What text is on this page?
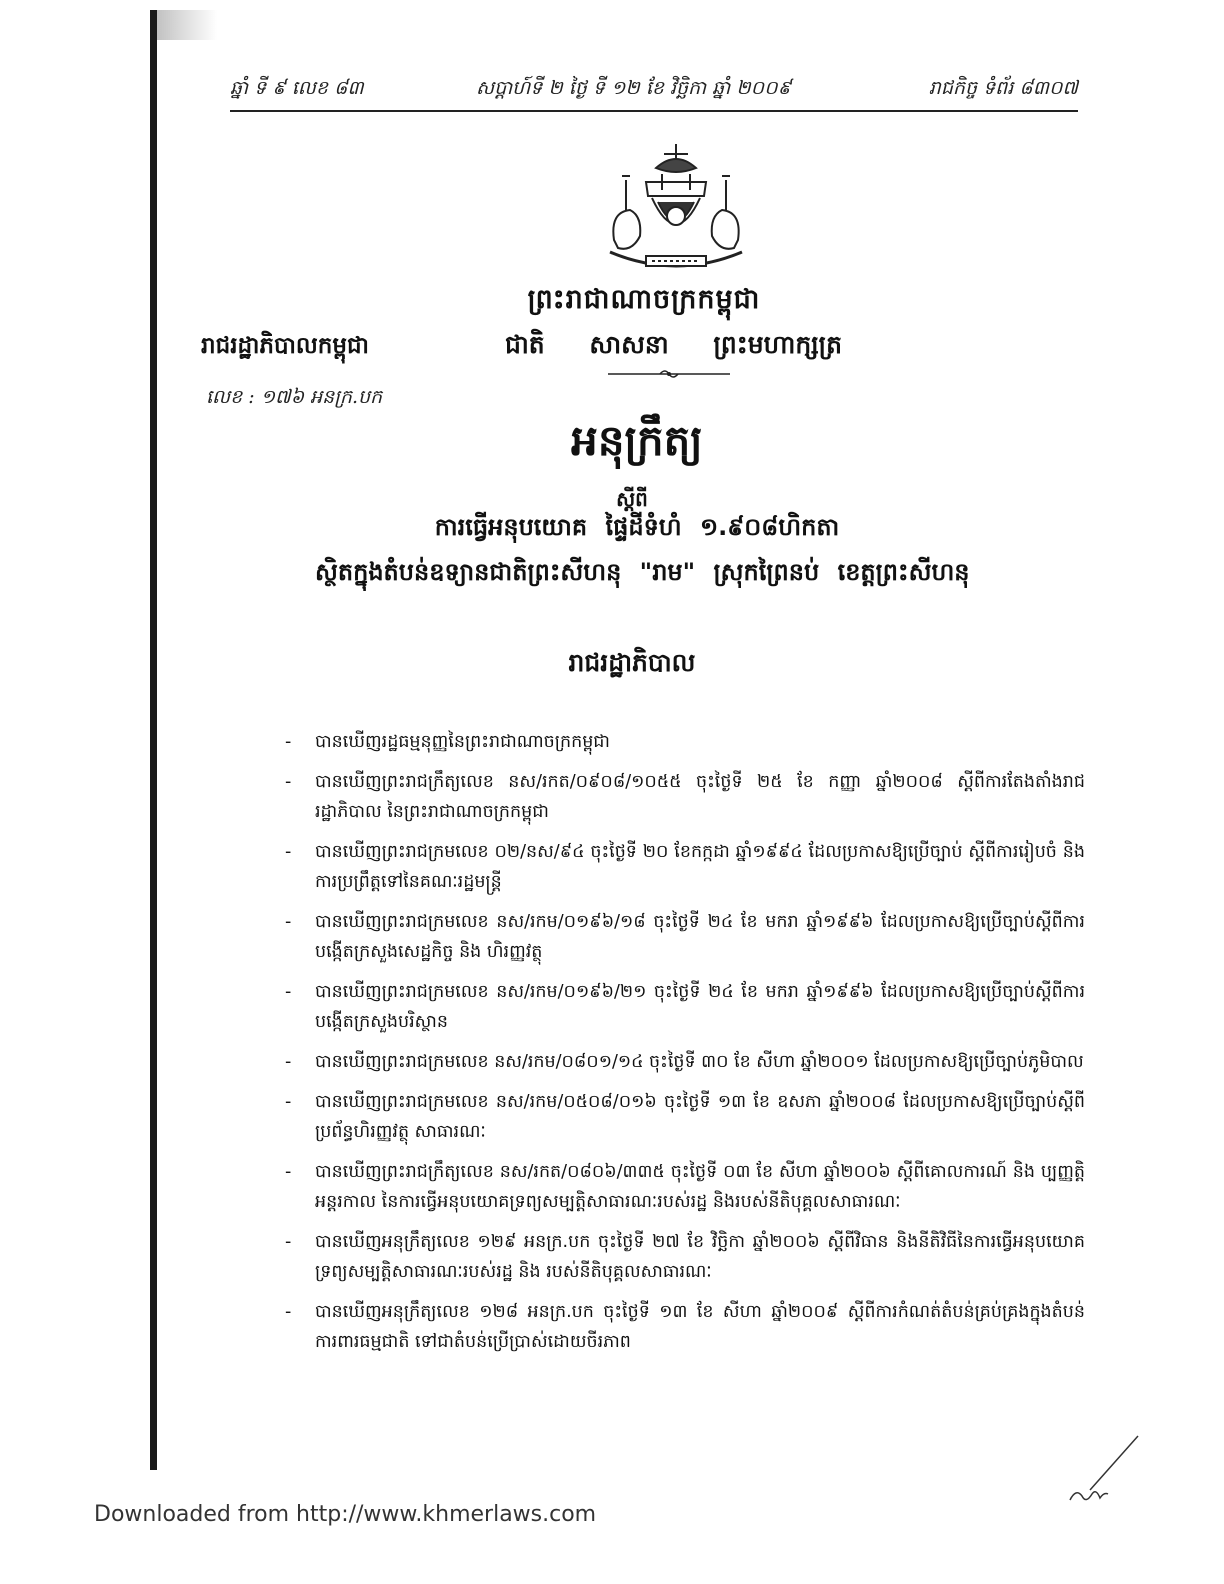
ឆ្នាំ ទី ៩ លេខ ៨៣	សប្តាហ៍ទី ២ ថ្ងៃ ទី ១២ ខែ វិច្ឆិកា ឆ្នាំ ២០០៩	រាជកិច្ច ទំព័រ ៨៣០៧
ព្រះរាជាណាចក្រកម្ពុជា
រាជរដ្ឋាភិបាលកម្ពុជា	ជាតិ សាសនា ព្រះមហាក្សត្រ
លេខ : ១៧៦ អនក្រ.បក
អនុក្រឹត្យ
ស្តីពី
ការធ្វើអនុបយោគ ផ្ទៃដីទំហំ ១.៩០៨ហិកតា
ស្ថិតក្នុងតំបន់ឧទ្យានជាតិព្រះសីហនុ "រាម" ស្រុកព្រៃនប់ ខេត្តព្រះសីហនុ
រាជរដ្ឋាភិបាល
- បានឃើញរដ្ឋធម្មនុញ្ញនៃព្រះរាជាណាចក្រកម្ពុជា
- បានឃើញព្រះរាជក្រឹត្យលេខ នស/រកត/០៩០៨/១០៥៥ ចុះថ្ងៃទី ២៥ ខែ កញ្ញា ឆ្នាំ២០០៨ ស្តីពីការតែងតាំងរាជរដ្ឋាភិបាល នៃព្រះរាជាណាចក្រកម្ពុជា
- បានឃើញព្រះរាជក្រមលេខ ០២/នស/៩៤ ចុះថ្ងៃទី ២០ ខែកក្កដា ឆ្នាំ១៩៩៤ ដែលប្រកាសឱ្យប្រើច្បាប់ ស្តីពីការរៀបចំ និង ការប្រព្រឹត្តទៅនៃគណៈរដ្ឋមន្ត្រី
- បានឃើញព្រះរាជក្រមលេខ នស/រកម/០១៩៦/១៨ ចុះថ្ងៃទី ២៤ ខែ មករា ឆ្នាំ១៩៩៦ ដែលប្រកាសឱ្យប្រើច្បាប់ស្តីពីការបង្កើតក្រសួងសេដ្ឋកិច្ច និង ហិរញ្ញវត្ថុ
- បានឃើញព្រះរាជក្រមលេខ នស/រកម/០១៩៦/២១ ចុះថ្ងៃទី ២៤ ខែ មករា ឆ្នាំ១៩៩៦ ដែលប្រកាសឱ្យប្រើច្បាប់ស្តីពីការបង្កើតក្រសួងបរិស្ថាន
- បានឃើញព្រះរាជក្រមលេខ នស/រកម/០៨០១/១៤ ចុះថ្ងៃទី ៣០ ខែ សីហា ឆ្នាំ២០០១ ដែលប្រកាសឱ្យប្រើច្បាប់ភូមិបាល
- បានឃើញព្រះរាជក្រមលេខ នស/រកម/០៥០៨/០១៦ ចុះថ្ងៃទី ១៣ ខែ ឧសភា ឆ្នាំ២០០៨ ដែលប្រកាសឱ្យប្រើច្បាប់ស្តីពីប្រព័ន្ធហិរញ្ញវត្ថុ សាធារណៈ
- បានឃើញព្រះរាជក្រឹត្យលេខ នស/រកត/០៨០៦/៣៣៥ ចុះថ្ងៃទី ០៣ ខែ សីហា ឆ្នាំ២០០៦ ស្តីពីគោលការណ៍ និង ប្បញ្ញត្តិអន្តរកាល នៃការធ្វើអនុបយោគទ្រព្យសម្បត្តិសាធារណៈរបស់រដ្ឋ និងរបស់នីតិបុគ្គលសាធារណៈ
- បានឃើញអនុក្រឹត្យលេខ ១២៩ អនក្រ.បក ចុះថ្ងៃទី ២៧ ខែ វិច្ឆិកា ឆ្នាំ២០០៦ ស្តីពីវិធាន និងនីតិវិធីនៃការធ្វើអនុបយោគទ្រព្យសម្បត្តិសាធារណៈរបស់រដ្ឋ និង របស់នីតិបុគ្គលសាធារណៈ
- បានឃើញអនុក្រឹត្យលេខ ១២៨ អនក្រ.បក ចុះថ្ងៃទី ១៣ ខែ សីហា ឆ្នាំ២០០៩ ស្តីពីការកំណត់តំបន់គ្រប់គ្រងក្នុងតំបន់ការពារធម្មជាតិ ទៅជាតំបន់ប្រើប្រាស់ដោយចីរភាព
Downloaded from http://www.khmerlaws.com
